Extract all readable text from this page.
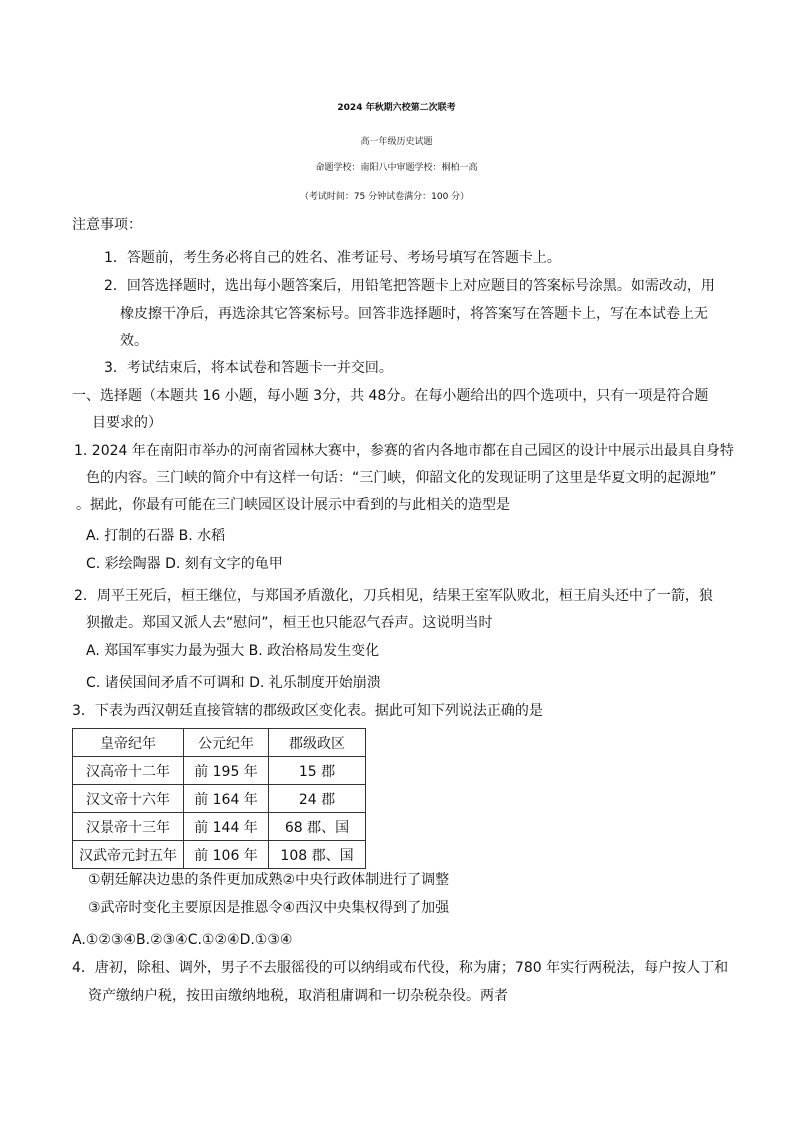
2024 年秋期六校第二次联考
高一年级历史试题
命题学校：南阳八中审题学校：桐柏一高
（考试时间：75 分钟试卷满分：100 分）
注意事项：
1．答题前，考生务必将自己的姓名、准考证号、考场号填写在答题卡上。
2．回答选择题时，选出每小题答案后，用铅笔把答题卡上对应题目的答案标号涂黑。如需改动，用
橡皮擦干净后，再选涂其它答案标号。回答非选择题时，将答案写在答题卡上，写在本试卷上无
效。
3．考试结束后，将本试卷和答题卡一并交回。
一、选择题（本题共 16 小题，每小题 3分，共 48分。在每小题给出的四个选项中，只有一项是符合题
目要求的）
1. 2024 年在南阳市举办的河南省园林大赛中，参赛的省内各地市都在自己园区的设计中展示出最具自身特
色的内容。三门峡的简介中有这样一句话：“三门峡，仰韶文化的发现证明了这里是华夏文明的起源地”
。据此，你最有可能在三门峡园区设计展示中看到的与此相关的造型是
A. 打制的石器 B. 水稻
C. 彩绘陶器 D. 刻有文字的龟甲
2．周平王死后，桓王继位，与郑国矛盾激化，刀兵相见，结果王室军队败北，桓王肩头还中了一箭，狼
狈撤走。郑国又派人去“慰问”，桓王也只能忍气吞声。这说明当时
A. 郑国军事实力最为强大 B. 政治格局发生变化
C. 诸侯国间矛盾不可调和 D. 礼乐制度开始崩溃
3．下表为西汉朝廷直接管辖的郡级政区变化表。据此可知下列说法正确的是
皇帝纪年	公元纪年	郡级政区
汉高帝十二年	前 195 年	15 郡
汉文帝十六年	前 164 年	24 郡
汉景帝十三年	前 144 年	68 郡、国
汉武帝元封五年	前 106 年	108 郡、国
①朝廷解决边患的条件更加成熟②中央行政体制进行了调整
③武帝时变化主要原因是推恩令④西汉中央集权得到了加强
A.①②③④B.②③④C.①②④D.①③④
4．唐初，除租、调外，男子不去服徭役的可以纳绢或布代役，称为庸；780 年实行两税法，每户按人丁和
资产缴纳户税，按田亩缴纳地税，取消租庸调和一切杂税杂役。两者
